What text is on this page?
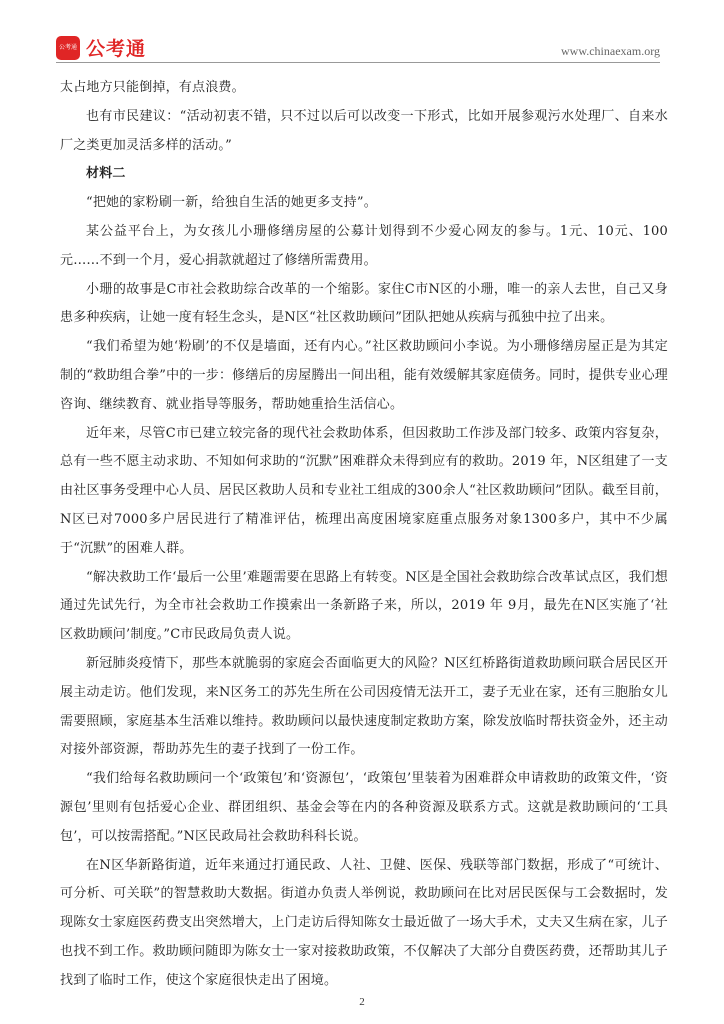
公考通 公考通	www.chinaexam.org

太占地方只能倒掉，有点浪费。

也有市民建议：“活动初衷不错，只不过以后可以改变一下形式，比如开展参观污水处理厂、自来水厂之类更加灵活多样的活动。”

材料二

“把她的家粉刷一新，给独自生活的她更多支持”。

某公益平台上，为女孩儿小珊修缮房屋的公募计划得到不少爱心网友的参与。1元、10元、100元……不到一个月，爱心捐款就超过了修缮所需费用。

小珊的故事是C市社会救助综合改革的一个缩影。家住C市N区的小珊，唯一的亲人去世，自己又身患多种疾病，让她一度有轻生念头，是N区“社区救助顾问”团队把她从疾病与孤独中拉了出来。

“我们希望为她‘粉刷’的不仅是墙面，还有内心。”社区救助顾问小李说。为小珊修缮房屋正是为其定制的“救助组合拳”中的一步：修缮后的房屋腾出一间出租，能有效缓解其家庭债务。同时，提供专业心理咨询、继续教育、就业指导等服务，帮助她重拾生活信心。

近年来，尽管C市已建立较完备的现代社会救助体系，但因救助工作涉及部门较多、政策内容复杂，总有一些不愿主动求助、不知如何求助的“沉默”困难群众未得到应有的救助。2019 年，N区组建了一支由社区事务受理中心人员、居民区救助人员和专业社工组成的300余人“社区救助顾问”团队。截至目前，N区已对7000多户居民进行了精准评估，梳理出高度困境家庭重点服务对象1300多户，其中不少属于“沉默”的困难人群。

“解决救助工作‘最后一公里’难题需要在思路上有转变。N区是全国社会救助综合改革试点区，我们想通过先试先行，为全市社会救助工作摸索出一条新路子来，所以，2019 年 9月，最先在N区实施了‘社区救助顾问’制度。”C市民政局负责人说。

新冠肺炎疫情下，那些本就脆弱的家庭会否面临更大的风险？N区红桥路街道救助顾问联合居民区开展主动走访。他们发现，来N区务工的苏先生所在公司因疫情无法开工，妻子无业在家，还有三胞胎女儿需要照顾，家庭基本生活难以维持。救助顾问以最快速度制定救助方案，除发放临时帮扶资金外，还主动对接外部资源，帮助苏先生的妻子找到了一份工作。

“我们给每名救助顾问一个‘政策包’和‘资源包’，‘政策包’里装着为困难群众申请救助的政策文件，‘资源包’里则有包括爱心企业、群团组织、基金会等在内的各种资源及联系方式。这就是救助顾问的‘工具包’，可以按需搭配。”N区民政局社会救助科科长说。

在N区华新路街道，近年来通过打通民政、人社、卫健、医保、残联等部门数据，形成了“可统计、可分析、可关联”的智慧救助大数据。街道办负责人举例说，救助顾问在比对居民医保与工会数据时，发现陈女士家庭医药费支出突然增大，上门走访后得知陈女士最近做了一场大手术，丈夫又生病在家，儿子也找不到工作。救助顾问随即为陈女士一家对接救助政策，不仅解决了大部分自费医药费，还帮助其儿子找到了临时工作，使这个家庭很快走出了困境。

2
